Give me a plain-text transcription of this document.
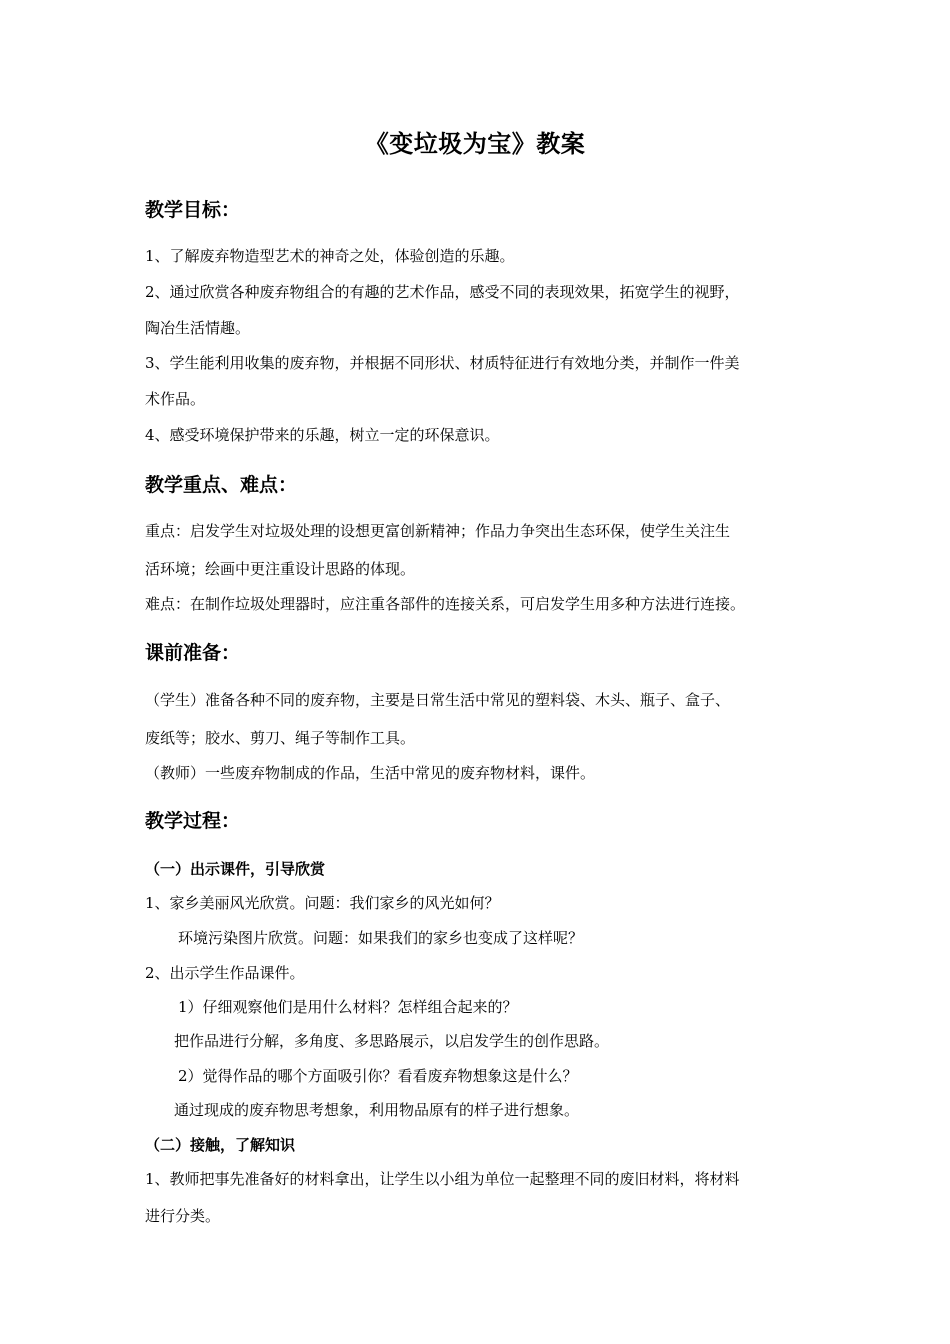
《变垃圾为宝》教案
教学目标：
1、了解废弃物造型艺术的神奇之处，体验创造的乐趣。
2、通过欣赏各种废弃物组合的有趣的艺术作品，感受不同的表现效果，拓宽学生的视野，
陶冶生活情趣。
3、学生能利用收集的废弃物，并根据不同形状、材质特征进行有效地分类，并制作一件美
术作品。
4、感受环境保护带来的乐趣，树立一定的环保意识。
教学重点、难点：
重点：启发学生对垃圾处理的设想更富创新精神；作品力争突出生态环保，使学生关注生
活环境；绘画中更注重设计思路的体现。
难点：在制作垃圾处理器时，应注重各部件的连接关系，可启发学生用多种方法进行连接。
课前准备：
（学生）准备各种不同的废弃物，主要是日常生活中常见的塑料袋、木头、瓶子、盒子、
废纸等；胶水、剪刀、绳子等制作工具。
（教师）一些废弃物制成的作品，生活中常见的废弃物材料，课件。
教学过程：
（一）出示课件，引导欣赏
1、家乡美丽风光欣赏。问题：我们家乡的风光如何？
环境污染图片欣赏。问题：如果我们的家乡也变成了这样呢？
2、出示学生作品课件。
1）仔细观察他们是用什么材料？怎样组合起来的？
把作品进行分解，多角度、多思路展示，以启发学生的创作思路。
2）觉得作品的哪个方面吸引你？看看废弃物想象这是什么？
通过现成的废弃物思考想象，利用物品原有的样子进行想象。
（二）接触，了解知识
1、教师把事先准备好的材料拿出，让学生以小组为单位一起整理不同的废旧材料，将材料
进行分类。
